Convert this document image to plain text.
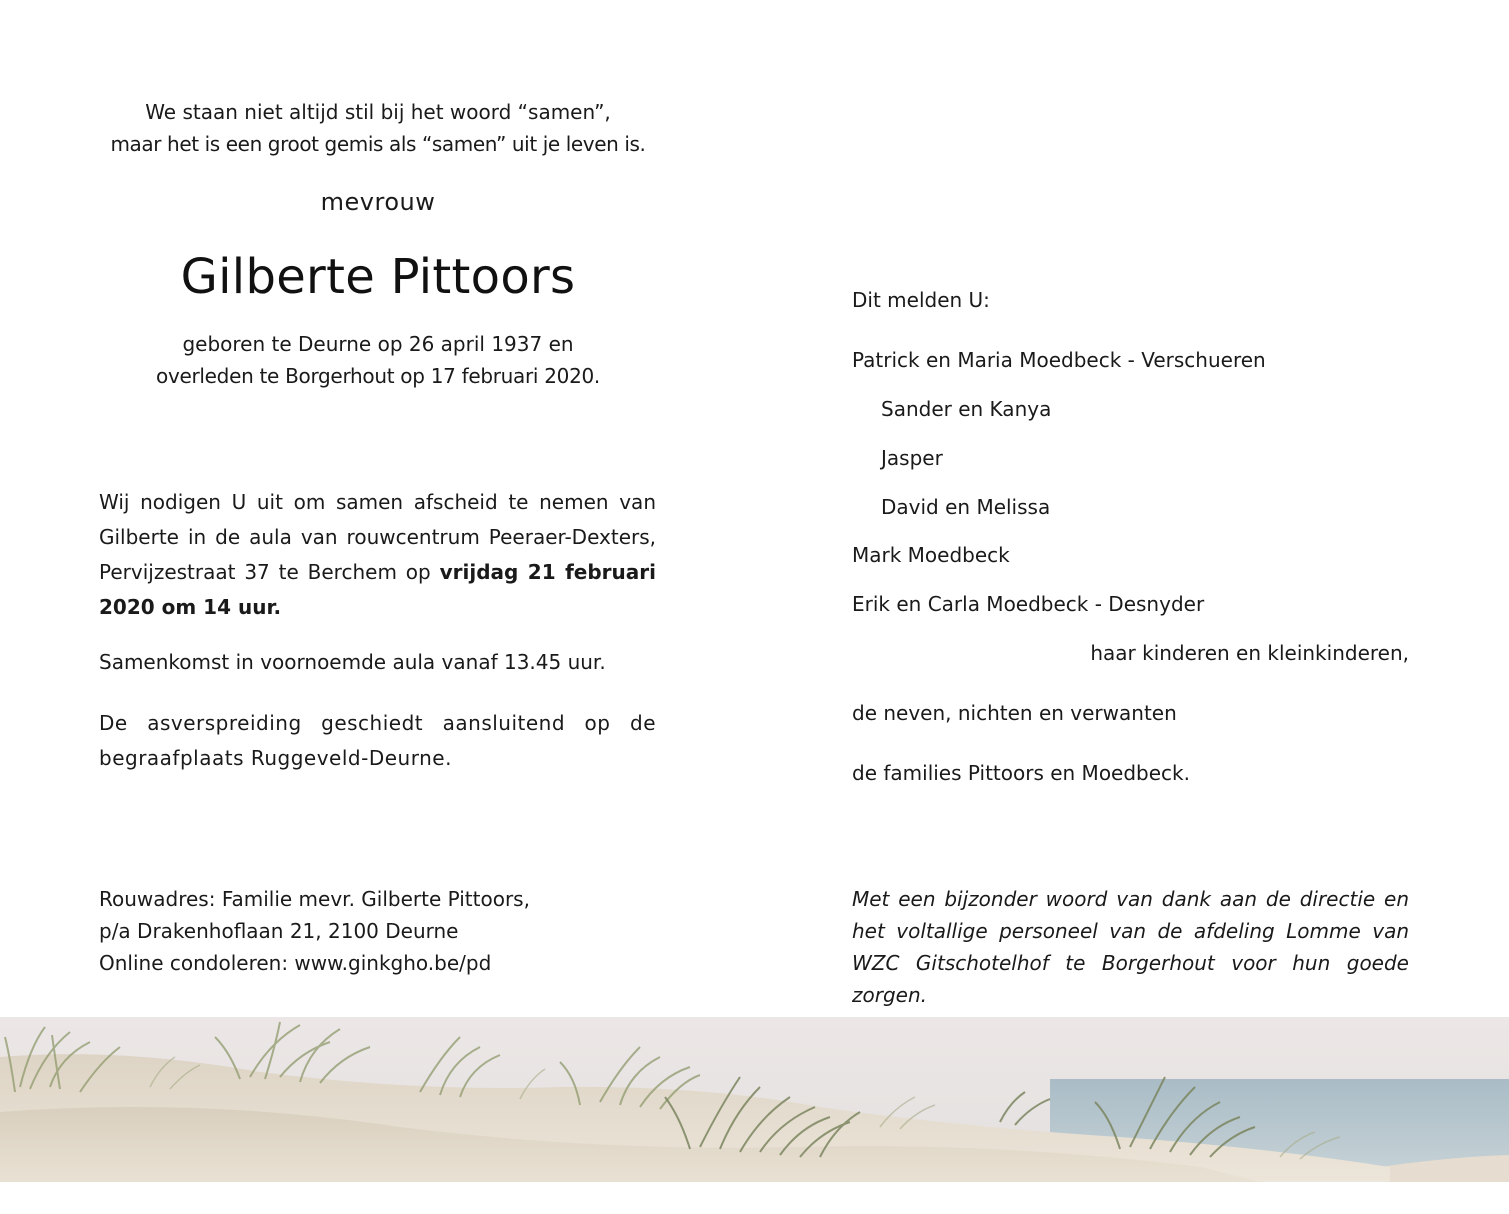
We staan niet altijd stil bij het woord “samen”,
maar het is een groot gemis als “samen” uit je leven is.
mevrouw
Gilberte Pittoors
geboren te Deurne op 26 april 1937 en
overleden te Borgerhout op 17 februari 2020.
Wij nodigen U uit om samen afscheid te nemen van Gilberte in de aula van rouwcentrum Peeraer-Dexters, Pervijzestraat 37 te Berchem op vrijdag 21 februari 2020 om 14 uur.
Samenkomst in voornoemde aula vanaf 13.45 uur.
De asverspreiding geschiedt aansluitend op de begraafplaats Ruggeveld-Deurne.
Rouwadres: Familie mevr. Gilberte Pittoors,
p/a Drakenhoflaan 21, 2100 Deurne
Online condoleren: www.ginkgho.be/pd
Dit melden U:
Patrick en Maria Moedbeck - Verschueren
Sander en Kanya
Jasper
David en Melissa
Mark Moedbeck
Erik en Carla Moedbeck - Desnyder
haar kinderen en kleinkinderen,
de neven, nichten en verwanten
de families Pittoors en Moedbeck.
Met een bijzonder woord van dank aan de directie en het voltallige personeel van de afdeling Lomme van WZC Gitschotelhof te Borgerhout voor hun goede zorgen.
